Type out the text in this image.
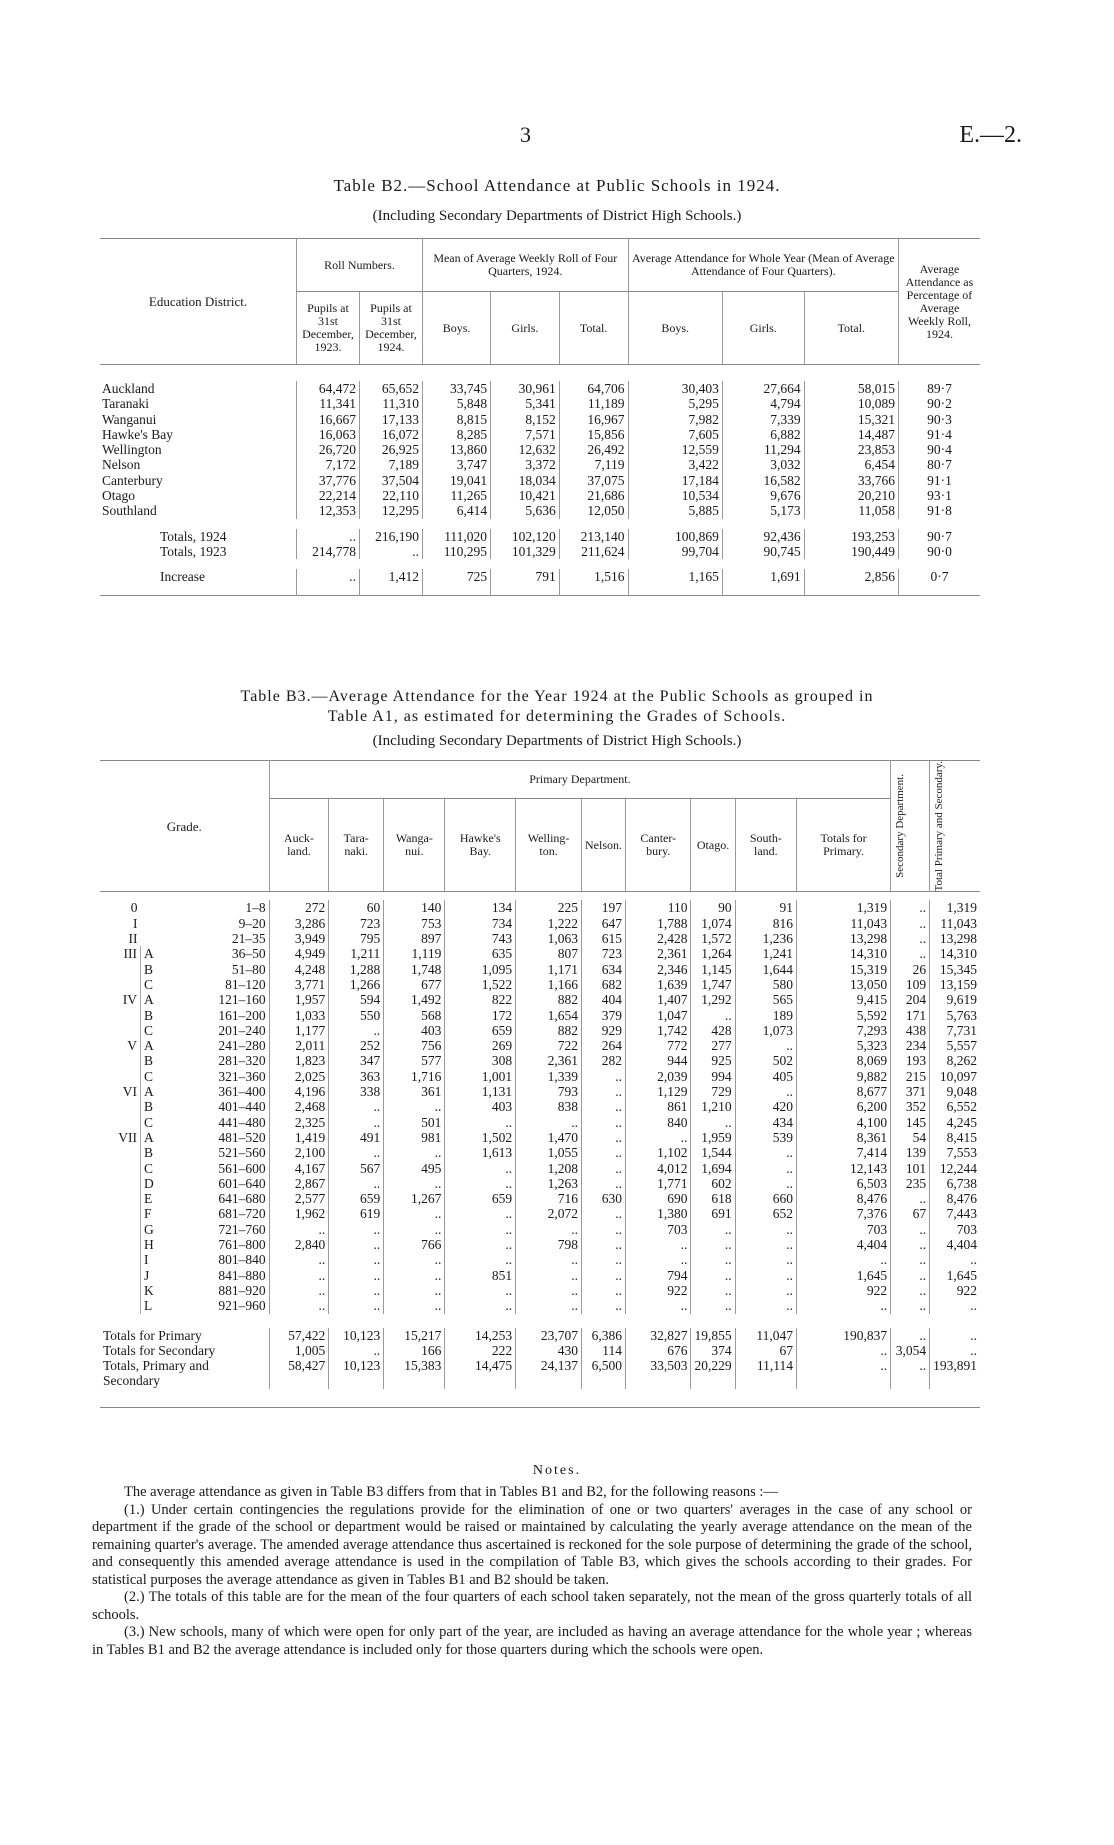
3	E.—2.
Table B2.—School Attendance at Public Schools in 1924.
(Including Secondary Departments of District High Schools.)
Education District.	Roll Numbers.		Mean of Average Weekly Roll of Four Quarters, 1924.			Average Attendance for Whole Year (Mean of Average Attendance of Four Quarters).			Average Attendance as Percentage of Average Weekly Roll, 1924.
	Pupils at 31st December, 1923.	Pupils at 31st December, 1924.	Boys.	Girls.	Total.	Boys.	Girls.	Total.	

Auckland	64,472	65,652	33,745	30,961	64,706	30,403	27,664	58,015	89·7
Taranaki	11,341	11,310	5,848	5,341	11,189	5,295	4,794	10,089	90·2
Wanganui	16,667	17,133	8,815	8,152	16,967	7,982	7,339	15,321	90·3
Hawke's Bay	16,063	16,072	8,285	7,571	15,856	7,605	6,882	14,487	91·4
Wellington	26,720	26,925	13,860	12,632	26,492	12,559	11,294	23,853	90·4
Nelson	7,172	7,189	3,747	3,372	7,119	3,422	3,032	6,454	80·7
Canterbury	37,776	37,504	19,041	18,034	37,075	17,184	16,582	33,766	91·1
Otago	22,214	22,110	11,265	10,421	21,686	10,534	9,676	20,210	93·1
Southland	12,353	12,295	6,414	5,636	12,050	5,885	5,173	11,058	91·8

Totals, 1924	..	216,190	111,020	102,120	213,140	100,869	92,436	193,253	90·7
Totals, 1923	214,778	..	110,295	101,329	211,624	99,704	90,745	190,449	90·0

Increase	..	1,412	725	791	1,516	1,165	1,691	2,856	0·7
Table B3.—Average Attendance for the Year 1924 at the Public Schools as grouped in
Table A1, as estimated for determining the Grades of Schools.
(Including Secondary Departments of District High Schools.)
Grade.			Primary Department.										Secondary Department.	Total Primary and Secondary.

			Auck-land.	Tara-naki.	Wanga-nui.	Hawke's Bay.	Welling-ton.	Nelson.	Canter-bury.	Otago.	South-land.	Totals for Primary.		

0		1–8	272	60	140	134	225	197	110	90	91	1,319	..	1,319
I		9–20	3,286	723	753	734	1,222	647	1,788	1,074	816	11,043	..	11,043
II		21–35	3,949	795	897	743	1,063	615	2,428	1,572	1,236	13,298	..	13,298
III	A	36–50	4,949	1,211	1,119	635	807	723	2,361	1,264	1,241	14,310	..	14,310
	B	51–80	4,248	1,288	1,748	1,095	1,171	634	2,346	1,145	1,644	15,319	26	15,345
	C	81–120	3,771	1,266	677	1,522	1,166	682	1,639	1,747	580	13,050	109	13,159
IV	A	121–160	1,957	594	1,492	822	882	404	1,407	1,292	565	9,415	204	9,619
	B	161–200	1,033	550	568	172	1,654	379	1,047	..	189	5,592	171	5,763
	C	201–240	1,177	..	403	659	882	929	1,742	428	1,073	7,293	438	7,731
V	A	241–280	2,011	252	756	269	722	264	772	277	..	5,323	234	5,557
	B	281–320	1,823	347	577	308	2,361	282	944	925	502	8,069	193	8,262
	C	321–360	2,025	363	1,716	1,001	1,339	..	2,039	994	405	9,882	215	10,097
VI	A	361–400	4,196	338	361	1,131	793	..	1,129	729	..	8,677	371	9,048
	B	401–440	2,468	..	..	403	838	..	861	1,210	420	6,200	352	6,552
	C	441–480	2,325	..	501	..	..	..	840	..	434	4,100	145	4,245
VII	A	481–520	1,419	491	981	1,502	1,470	..	..	1,959	539	8,361	54	8,415
	B	521–560	2,100	..	..	1,613	1,055	..	1,102	1,544	..	7,414	139	7,553
	C	561–600	4,167	567	495	..	1,208	..	4,012	1,694	..	12,143	101	12,244
	D	601–640	2,867	..	..	..	1,263	..	1,771	602	..	6,503	235	6,738
	E	641–680	2,577	659	1,267	659	716	630	690	618	660	8,476	..	8,476
	F	681–720	1,962	619	..	..	2,072	..	1,380	691	652	7,376	67	7,443
	G	721–760	..	..	..	..	..	..	703	..	..	703	..	703
	H	761–800	2,840	..	766	..	798	..	..	..	..	4,404	..	4,404
	I	801–840	..	..	..	..	..	..	..	..	..	..	..	..
	J	841–880	..	..	..	851	..	..	794	..	..	1,645	..	1,645
	K	881–920	..	..	..	..	..	..	922	..	..	922	..	922
	L	921–960	..	..	..	..	..	..	..	..	..	..	..	..

Totals for Primary			57,422	10,123	15,217	14,253	23,707	6,386	32,827	19,855	11,047	190,837	..	..
Totals for Secondary			1,005	..	166	222	430	114	676	374	67	..	3,054	..
Totals, Primary and Secondary			58,427	10,123	15,383	14,475	24,137	6,500	33,503	20,229	11,114	..	..	193,891

Notes.

The average attendance as given in Table B3 differs from that in Tables B1 and B2, for the following reasons :—

(1.) Under certain contingencies the regulations provide for the elimination of one or two quarters' averages in the case of any school or department if the grade of the school or department would be raised or maintained by calculating the yearly average attendance on the mean of the remaining quarter's average. The amended average attendance thus ascertained is reckoned for the sole purpose of determining the grade of the school, and consequently this amended average attendance is used in the compilation of Table B3, which gives the schools according to their grades. For statistical purposes the average attendance as given in Tables B1 and B2 should be taken.

(2.) The totals of this table are for the mean of the four quarters of each school taken separately, not the mean of the gross quarterly totals of all schools.

(3.) New schools, many of which were open for only part of the year, are included as having an average attendance for the whole year ; whereas in Tables B1 and B2 the average attendance is included only for those quarters during which the schools were open.
